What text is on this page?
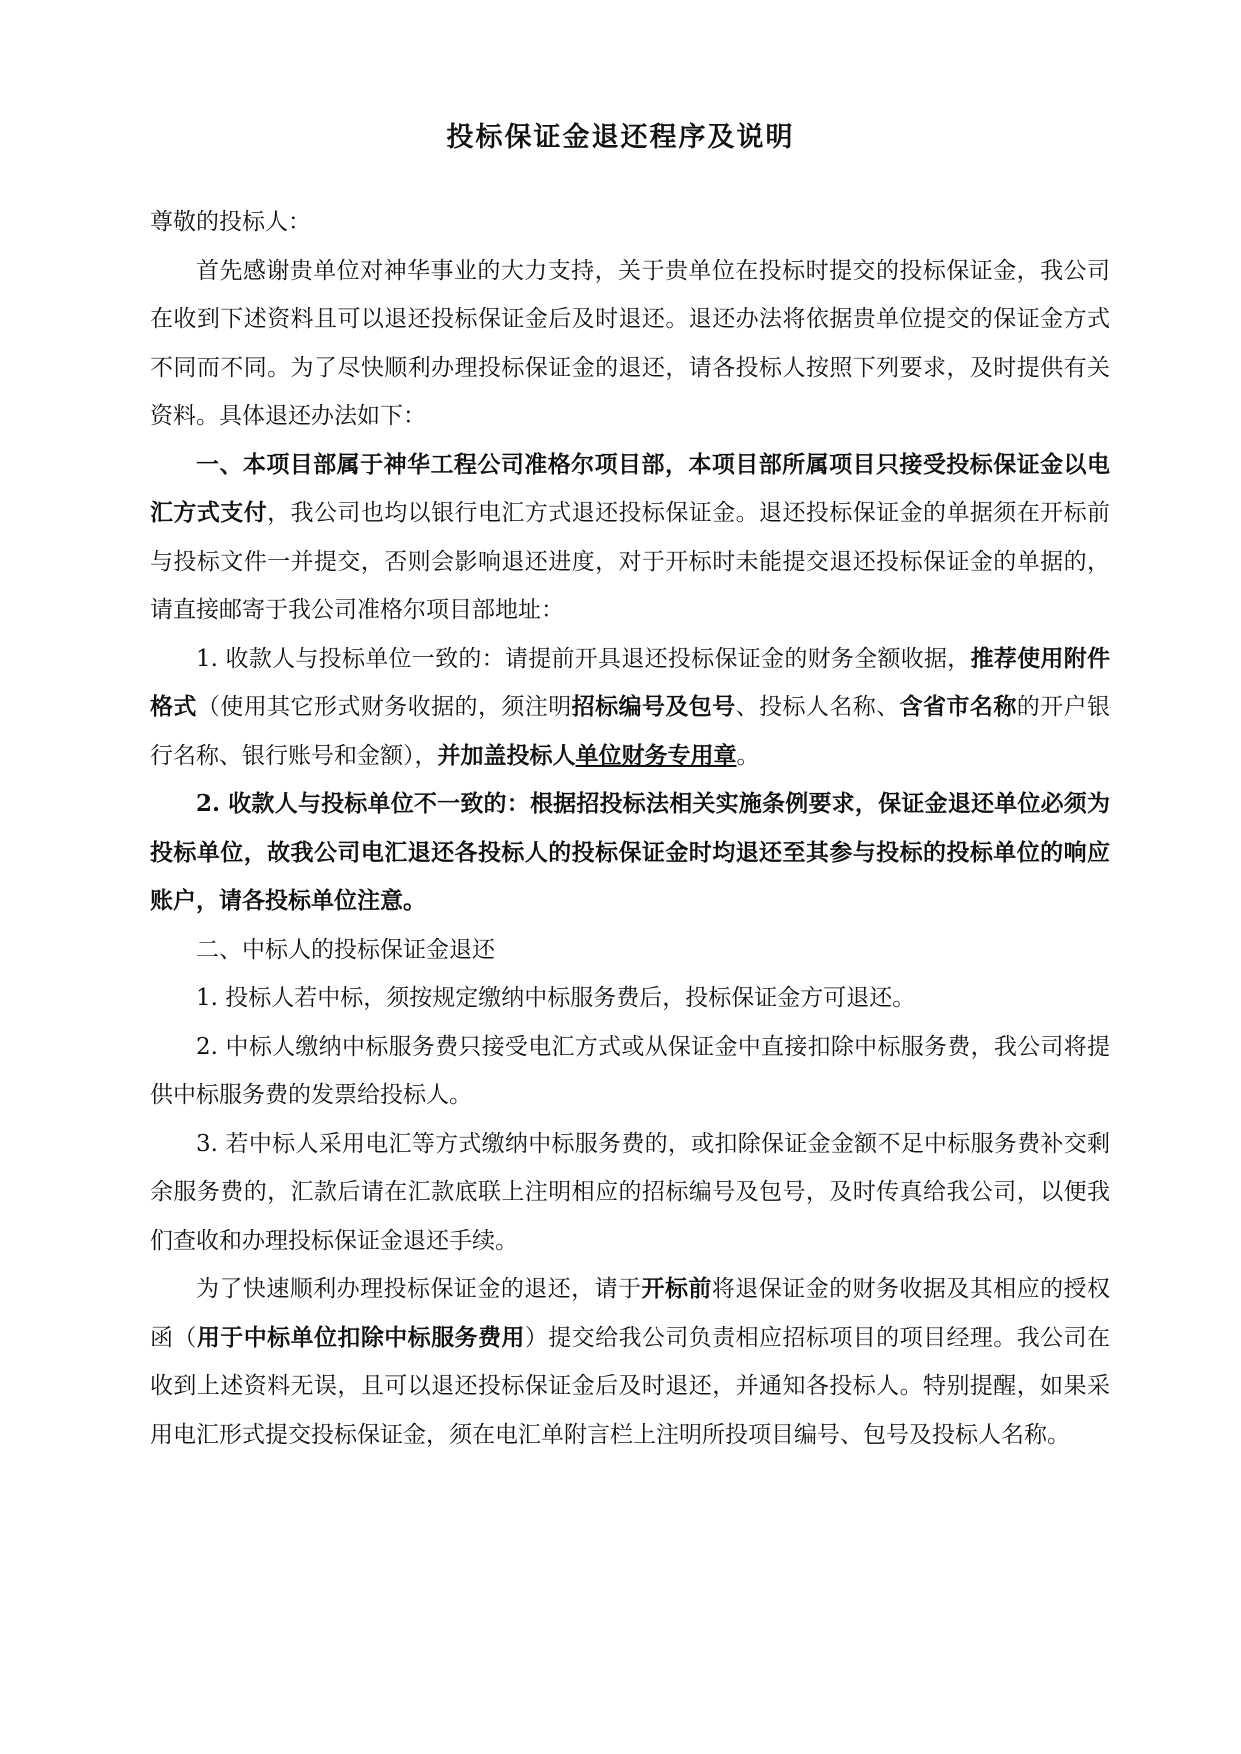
投标保证金退还程序及说明

尊敬的投标人：

首先感谢贵单位对神华事业的大力支持，关于贵单位在投标时提交的投标保证金，我公司在收到下述资料且可以退还投标保证金后及时退还。退还办法将依据贵单位提交的保证金方式不同而不同。为了尽快顺利办理投标保证金的退还，请各投标人按照下列要求，及时提供有关资料。具体退还办法如下：

一、本项目部属于神华工程公司准格尔项目部，本项目部所属项目只接受投标保证金以电汇方式支付，我公司也均以银行电汇方式退还投标保证金。退还投标保证金的单据须在开标前与投标文件一并提交，否则会影响退还进度，对于开标时未能提交退还投标保证金的单据的，请直接邮寄于我公司准格尔项目部地址：

1. 收款人与投标单位一致的：请提前开具退还投标保证金的财务全额收据，推荐使用附件格式（使用其它形式财务收据的，须注明招标编号及包号、投标人名称、含省市名称的开户银行名称、银行账号和金额），并加盖投标人单位财务专用章。

2. 收款人与投标单位不一致的：根据招投标法相关实施条例要求，保证金退还单位必须为投标单位，故我公司电汇退还各投标人的投标保证金时均退还至其参与投标的投标单位的响应账户，请各投标单位注意。

二、中标人的投标保证金退还

1. 投标人若中标，须按规定缴纳中标服务费后，投标保证金方可退还。

2. 中标人缴纳中标服务费只接受电汇方式或从保证金中直接扣除中标服务费，我公司将提供中标服务费的发票给投标人。

3. 若中标人采用电汇等方式缴纳中标服务费的，或扣除保证金金额不足中标服务费补交剩余服务费的，汇款后请在汇款底联上注明相应的招标编号及包号，及时传真给我公司，以便我们查收和办理投标保证金退还手续。

为了快速顺利办理投标保证金的退还，请于开标前将退保证金的财务收据及其相应的授权函（用于中标单位扣除中标服务费用）提交给我公司负责相应招标项目的项目经理。我公司在收到上述资料无误，且可以退还投标保证金后及时退还，并通知各投标人。特别提醒，如果采用电汇形式提交投标保证金，须在电汇单附言栏上注明所投项目编号、包号及投标人名称。
